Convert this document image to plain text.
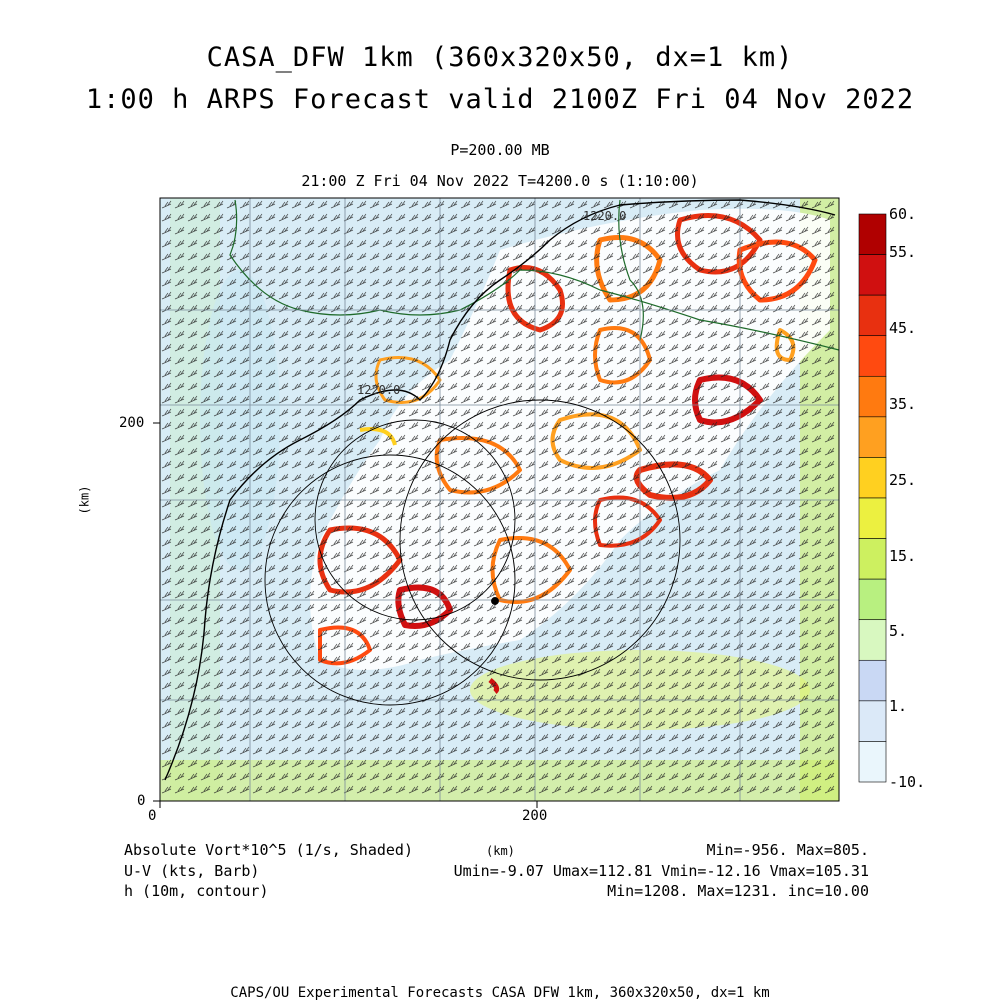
CASA_DFW 1km (360x320x50, dx=1 km)
1:00 h ARPS Forecast valid 2100Z Fri 04 Nov 2022
P=200.00 MB
21:00 Z Fri 04 Nov 2022 T=4200.0 s (1:10:00)
1220.0
1220.0
0	200
0
200
(km)
(km)
60.
55.
45.
35.
25.
15.
5.
1.
-10.
Absolute Vort*10^5 (1/s, Shaded)
U-V (kts, Barb)
h (10m, contour)
Min=-956. Max=805.
Umin=-9.07 Umax=112.81 Vmin=-12.16 Vmax=105.31
Min=1208. Max=1231. inc=10.00
CAPS/OU Experimental Forecasts CASA DFW 1km, 360x320x50, dx=1 km
